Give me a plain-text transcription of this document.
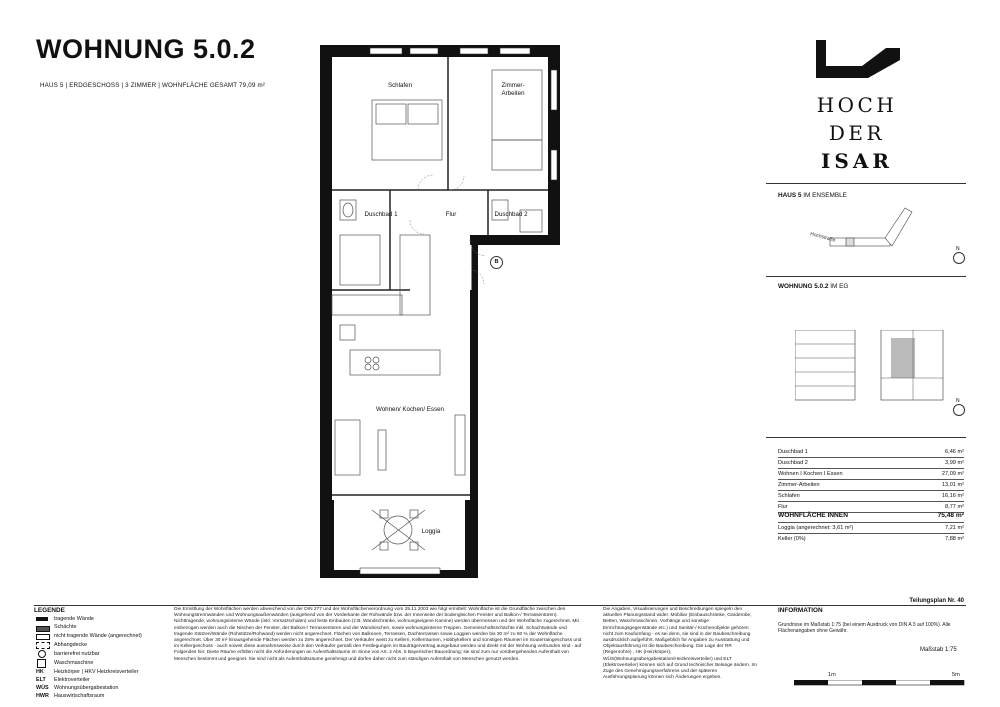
WOHNUNG 5.0.2
HAUS 5 | ERDGESCHOSS | 3 ZIMMER | WOHNFLÄCHE GESAMT 79,09 m²	Schlafen	Zimmer-
Arbeiten
Duschbad 1	Flur	Duschbad 2
Wohnen/ Kochen/ Essen
Loggia
B
HOCH
DER
ISAR
HAUS 5 IM ENSEMBLE
Hochstraße
N
WOHNUNG 5.0.2 IM EG
N
Duschbad 1	6,46 m²
Duschbad 2	3,99 m²
Wohnen I Kochen I Essen	27,09 m²
Zimmer-Arbeiten	13,01 m²
Schlafen	16,16 m²
Flur	8,77 m²
WOHNFLÄCHE INNEN	75,48 m²
Loggia (angerechnet: 3,61 m²)	7,21 m²
Keller (0%)	7,88 m²
LEGENDE
tragende Wände
Schächte
nicht tragende Wände (angerechnet)
Abhangdecke
barrierefrei nutzbar
Waschmaschine
HK Heizkörper | HKV Heizkreisverteiler
ELT Elektroverteiler
WÜS Wohnungsübergabestation
HWR Hauswirtschaftsraum
Die Ermittlung der Wohnflächen werden abweichend von der DIN 277 und der Wohnflächenverordnung vom 25.11.2003 wie folgt ermittelt: Wohnfläche ist die Grundfläche zwischen den Wohnungstrennwänden und Wohnungsaußenwänden (ausgehend von der Vorderkante der Rohwände bzw. der Innenseite der bodengleichen Fenster und Balkon-/ Terrassentüren). Nichttragende, wohnungsinterne Wände (inkl. Vorsatzschalen) und feste Einbauten (z.B. Wandschränke, wohnungseigene Kamine) werden übermessen und der Wohnfläche zugerechnet. Mit einbezogen werden auch die Nischen der Fenster, der Balkon-/ Terrassentüren und der Wandnischen, sowie wohnungsinterne Treppen. Gemeinschaftsschächte inkl. Schachtwände und tragende Stützen/Wände (Rohstütze/Rohwand) werden nicht angerechnet. Flächen von Balkonen, Terrassen, Dachterrassen sowie Loggien werden bis 30 m² zu 50 % der Wohnfläche angerechnet. Über 30 m² hinausgehende Flächen werden zu 25% angerechnet. Der Verkäufer weist zu Kellern, Kellerräumen, Hobbykellern und sonstigen Räumen im Souterraingeschoss und im Kellergeschoss - auch soweit diese ausnahmsweise durch den Verkäufer gemäß den Festlegungen im Bauträgervertrag ausgebaut werden und direkt mit der Wohnung verbunden sind - auf Folgendes hin: Diese Räume erfüllen nicht die Anforderungen an Aufenthaltsräume im Sinne von Art. 2 Abs. 5 Bayerischer Bauordnung; sie sind zum nur vorübergehenden Aufenthalt von Menschen bestimmt und geeignet. Sie sind nicht als Aufenthaltsräume genehmigt und dürfen daher nicht zum ständigen Aufenthalt von Menschen genutzt werden.
Die Angaben, Visualisierungen und Beschreibungen spiegeln den aktuellen Planungsstand wider. Mobiliar (Einbauschränke, Garderobe, Betten, Waschmaschinen, Vorhänge und sonstige Einrichtungsgegenstände etc.) und Sanitär-/ Küchenobjekte gehören nicht zum Kaufumfang - es sei denn, sie sind in der Baubeschreibung ausdrücklich aufgeführt. Maßgeblich für Angaben zu Ausstattung und Objektausführung ist die Baubeschreibung. Die Lage der RR (Regenrohre) , HK (Heizkörper), WÜS(Wohnungsübergabestation/Heizkreisverteiler) und ELT (Elektroverteiler) können sich auf Grund technischer Belange ändern. Im Zuge des Genehmigungsverfahrens und der späteren Ausführungsplanung können sich Änderungen ergeben.
Teilungsplan Nr. 40
INFORMATION
Grundrisse im Maßstab 1:75 (bei einem Ausdruck von DIN A 3 auf 100%). Alle Flächenangaben ohne Gewähr.
Maßstab 1:75
1m	5m
